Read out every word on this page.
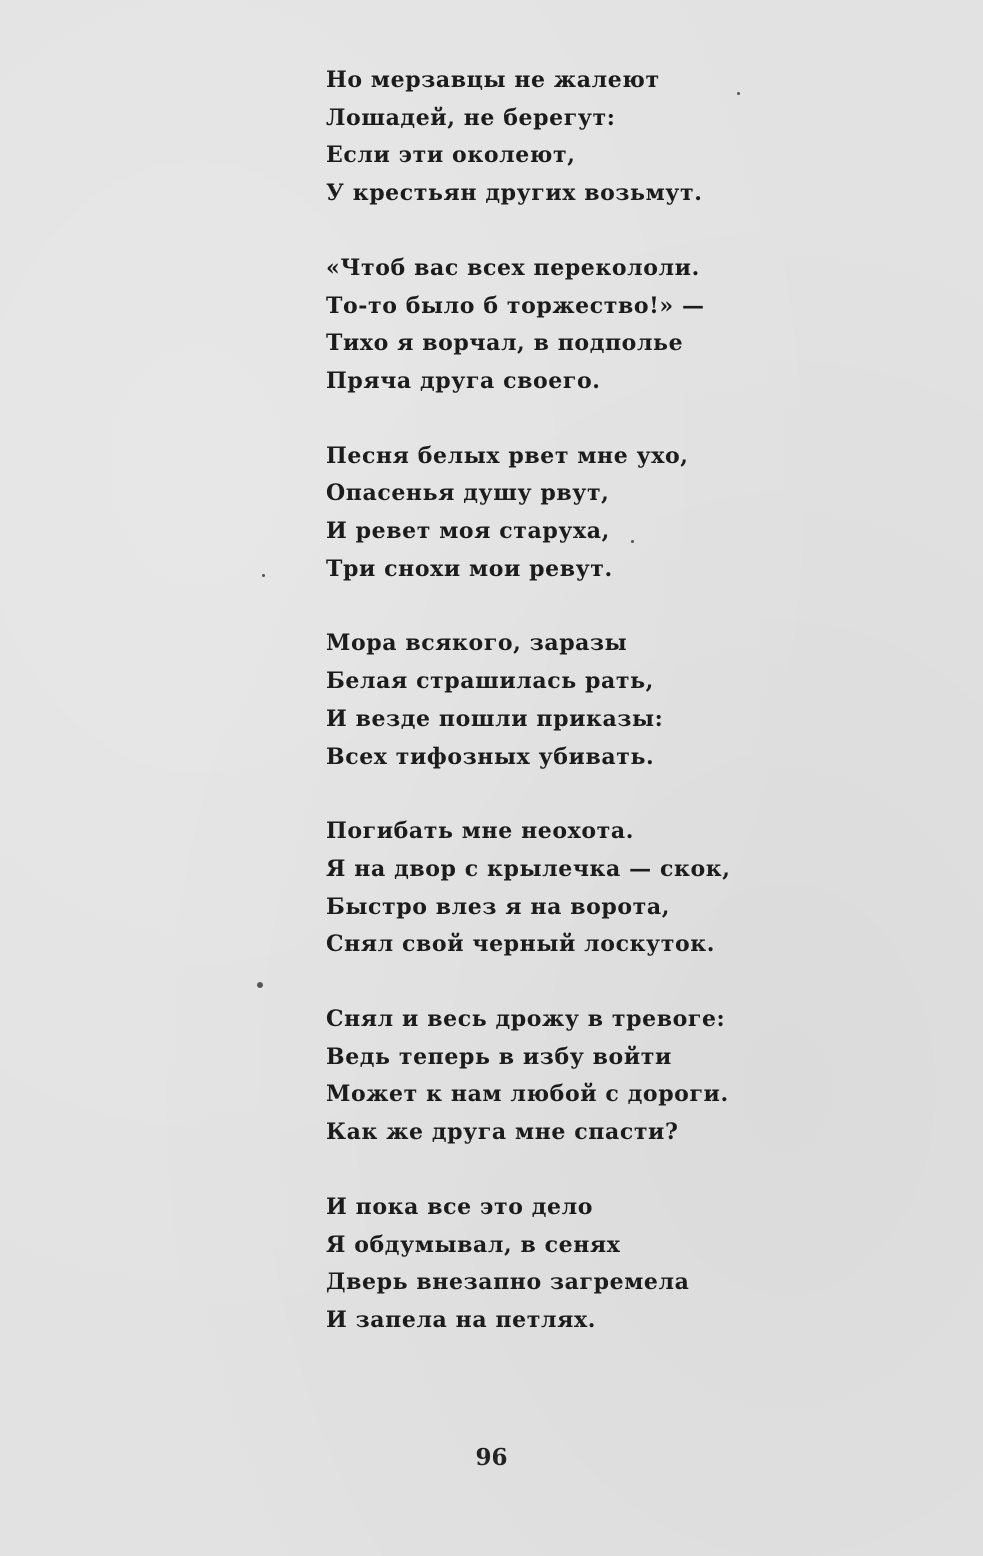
Но мерзавцы не жалеют
Лошадей, не берегут:
Если эти околеют,
У крестьян других возьмут.
«Чтоб вас всех перекололи.
То-то было б торжество!» —
Тихо я ворчал, в подполье
Пряча друга своего.
Песня белых рвет мне ухо,
Опасенья душу рвут,
И ревет моя старуха,
Три снохи мои ревут.
Мора всякого, заразы
Белая страшилась рать,
И везде пошли приказы:
Всех тифозных убивать.
Погибать мне неохота.
Я на двор с крылечка — скок,
Быстро влез я на ворота,
Снял свой черный лоскуток.
Снял и весь дрожу в тревоге:
Ведь теперь в избу войти
Может к нам любой с дороги.
Как же друга мне спасти?
И пока все это дело
Я обдумывал, в сенях
Дверь внезапно загремела
И запела на петлях.
96
